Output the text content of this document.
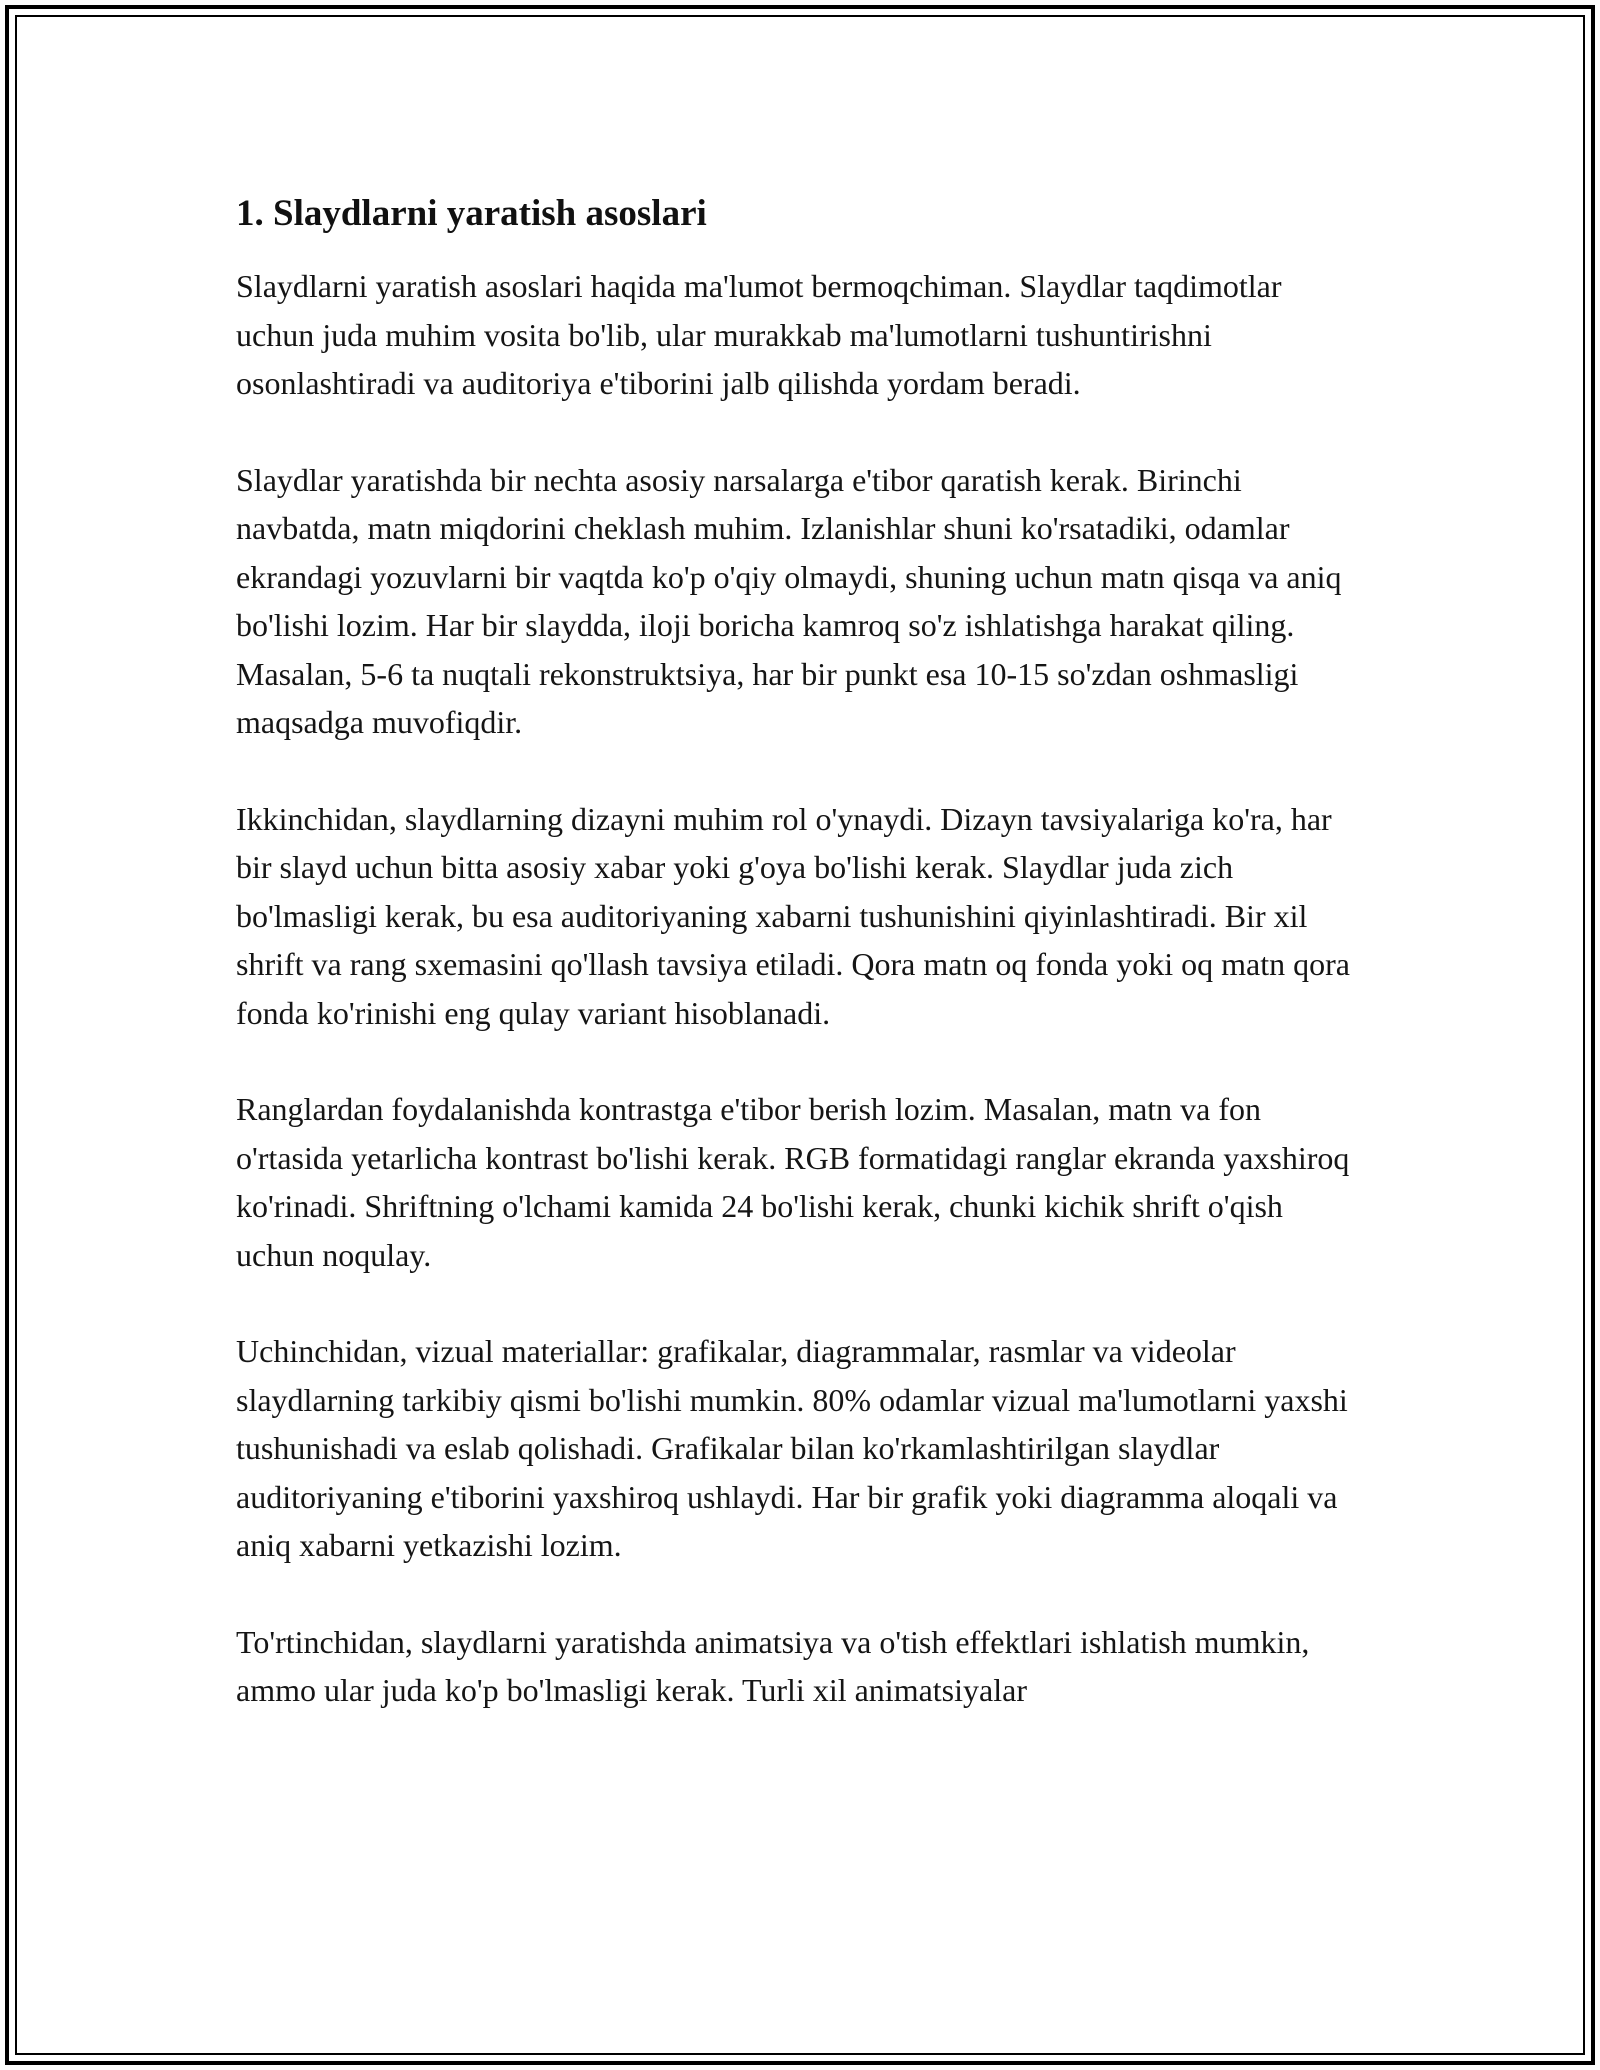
1. Slaydlarni yaratish asoslari

Slaydlarni yaratish asoslari haqida ma'lumot bermoqchiman. Slaydlar taqdimotlar uchun juda muhim vosita bo'lib, ular murakkab ma'lumotlarni tushuntirishni osonlashtiradi va auditoriya e'tiborini jalb qilishda yordam beradi.

Slaydlar yaratishda bir nechta asosiy narsalarga e'tibor qaratish kerak. Birinchi navbatda, matn miqdorini cheklash muhim. Izlanishlar shuni ko'rsatadiki, odamlar ekrandagi yozuvlarni bir vaqtda ko'p o'qiy olmaydi, shuning uchun matn qisqa va aniq bo'lishi lozim. Har bir slaydda, iloji boricha kamroq so'z ishlatishga harakat qiling. Masalan, 5-6 ta nuqtali rekonstruktsiya, har bir punkt esa 10-15 so'zdan oshmasligi maqsadga muvofiqdir.

Ikkinchidan, slaydlarning dizayni muhim rol o'ynaydi. Dizayn tavsiyalariga ko'ra, har bir slayd uchun bitta asosiy xabar yoki g'oya bo'lishi kerak. Slaydlar juda zich bo'lmasligi kerak, bu esa auditoriyaning xabarni tushunishini qiyinlashtiradi. Bir xil shrift va rang sxemasini qo'llash tavsiya etiladi. Qora matn oq fonda yoki oq matn qora fonda ko'rinishi eng qulay variant hisoblanadi.

Ranglardan foydalanishda kontrastga e'tibor berish lozim. Masalan, matn va fon o'rtasida yetarlicha kontrast bo'lishi kerak. RGB formatidagi ranglar ekranda yaxshiroq ko'rinadi. Shriftning o'lchami kamida 24 bo'lishi kerak, chunki kichik shrift o'qish uchun noqulay.

Uchinchidan, vizual materiallar: grafikalar, diagrammalar, rasmlar va videolar slaydlarning tarkibiy qismi bo'lishi mumkin. 80% odamlar vizual ma'lumotlarni yaxshi tushunishadi va eslab qolishadi. Grafikalar bilan ko'rkamlashtirilgan slaydlar auditoriyaning e'tiborini yaxshiroq ushlaydi. Har bir grafik yoki diagramma aloqali va aniq xabarni yetkazishi lozim.

To'rtinchidan, slaydlarni yaratishda animatsiya va o'tish effektlari ishlatish mumkin, ammo ular juda ko'p bo'lmasligi kerak. Turli xil animatsiyalar
